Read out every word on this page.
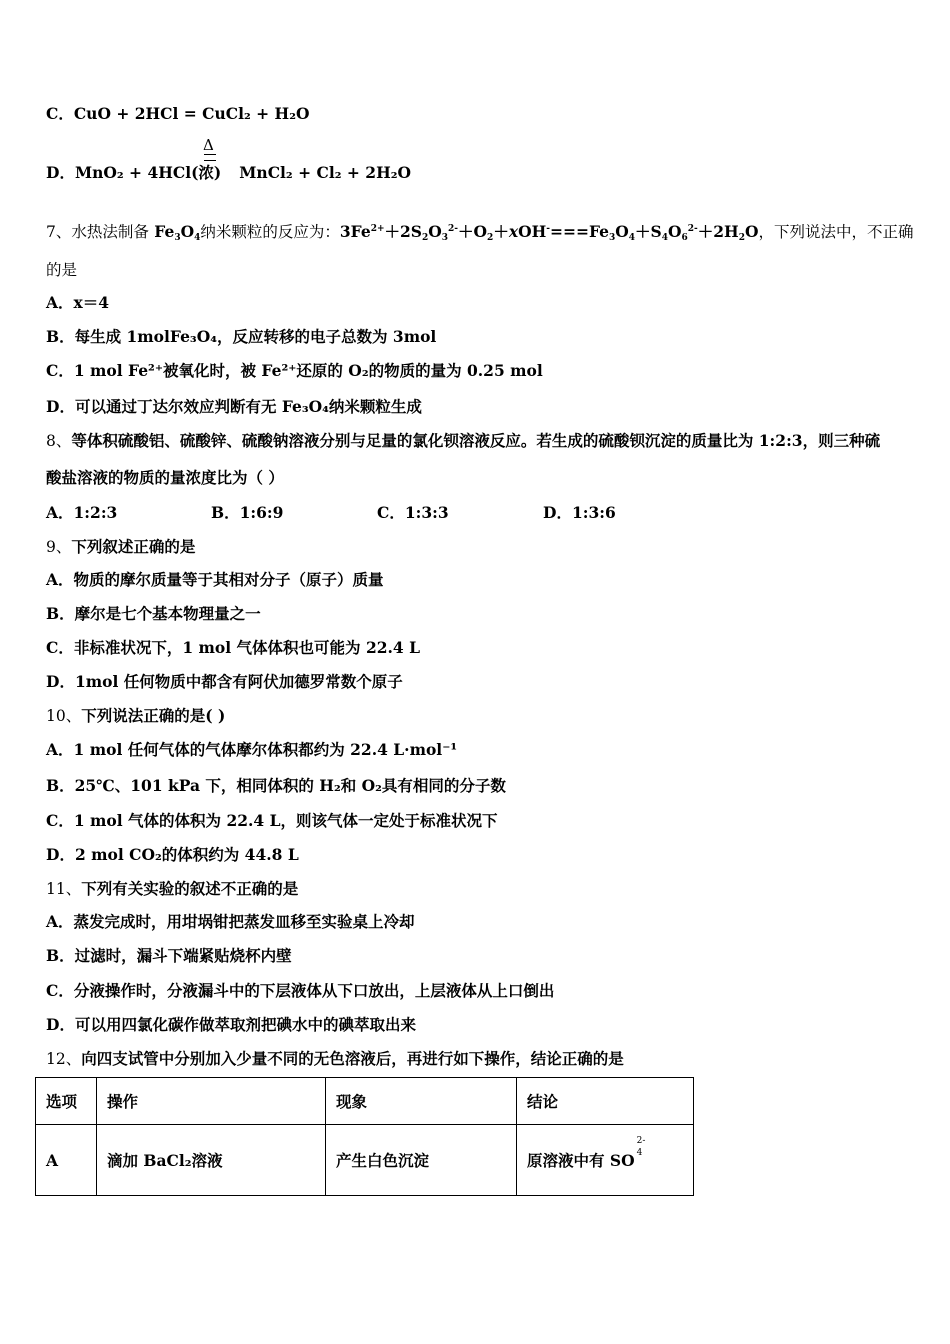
C．CuO + 2HCl = CuCl₂ + H₂O
Δ
D．MnO₂ + 4HCl(浓) MnCl₂ + Cl₂ + 2H₂O
7、水热法制备 $Fe_3O_4$纳米颗粒的反应为：$3Fe^{2+}+2S_2O_3^{2-}+O_2+xOH^-===Fe_3O_4+S_4O_6^{2-}+2H_2O$，下列说法中，不正确
的是
A．x＝4
B．每生成 1molFe₃O₄，反应转移的电子总数为 3mol
C．1 mol Fe²⁺被氧化时，被 Fe²⁺还原的 O₂的物质的量为 0.25 mol
D．可以通过丁达尔效应判断有无 Fe₃O₄纳米颗粒生成
8、等体积硫酸铝、硫酸锌、硫酸钠溶液分别与足量的氯化钡溶液反应。若生成的硫酸钡沉淀的质量比为 1:2:3，则三种硫
酸盐溶液的物质的量浓度比为（ ）
A．1:2:3	B．1:6:9	C．1:3:3	D．1:3:6
9、下列叙述正确的是
A．物质的摩尔质量等于其相对分子（原子）质量
B．摩尔是七个基本物理量之一
C．非标准状况下，1 mol 气体体积也可能为 22.4 L
D．1mol 任何物质中都含有阿伏加德罗常数个原子
10、下列说法正确的是( )
A．1 mol 任何气体的气体摩尔体积都约为 22.4 L·mol⁻¹
B．25℃、101 kPa 下，相同体积的 H₂和 O₂具有相同的分子数
C．1 mol 气体的体积为 22.4 L，则该气体一定处于标准状况下
D．2 mol CO₂的体积约为 44.8 L
11、下列有关实验的叙述不正确的是
A．蒸发完成时，用坩埚钳把蒸发皿移至实验桌上冷却
B．过滤时，漏斗下端紧贴烧杯内壁
C．分液操作时，分液漏斗中的下层液体从下口放出，上层液体从上口倒出
D．可以用四氯化碳作做萃取剂把碘水中的碘萃取出来
12、向四支试管中分别加入少量不同的无色溶液后，再进行如下操作，结论正确的是
选项	操作	现象	结论
A	滴加 BaCl₂溶液	产生白色沉淀	原溶液中有 SO
2-
4
